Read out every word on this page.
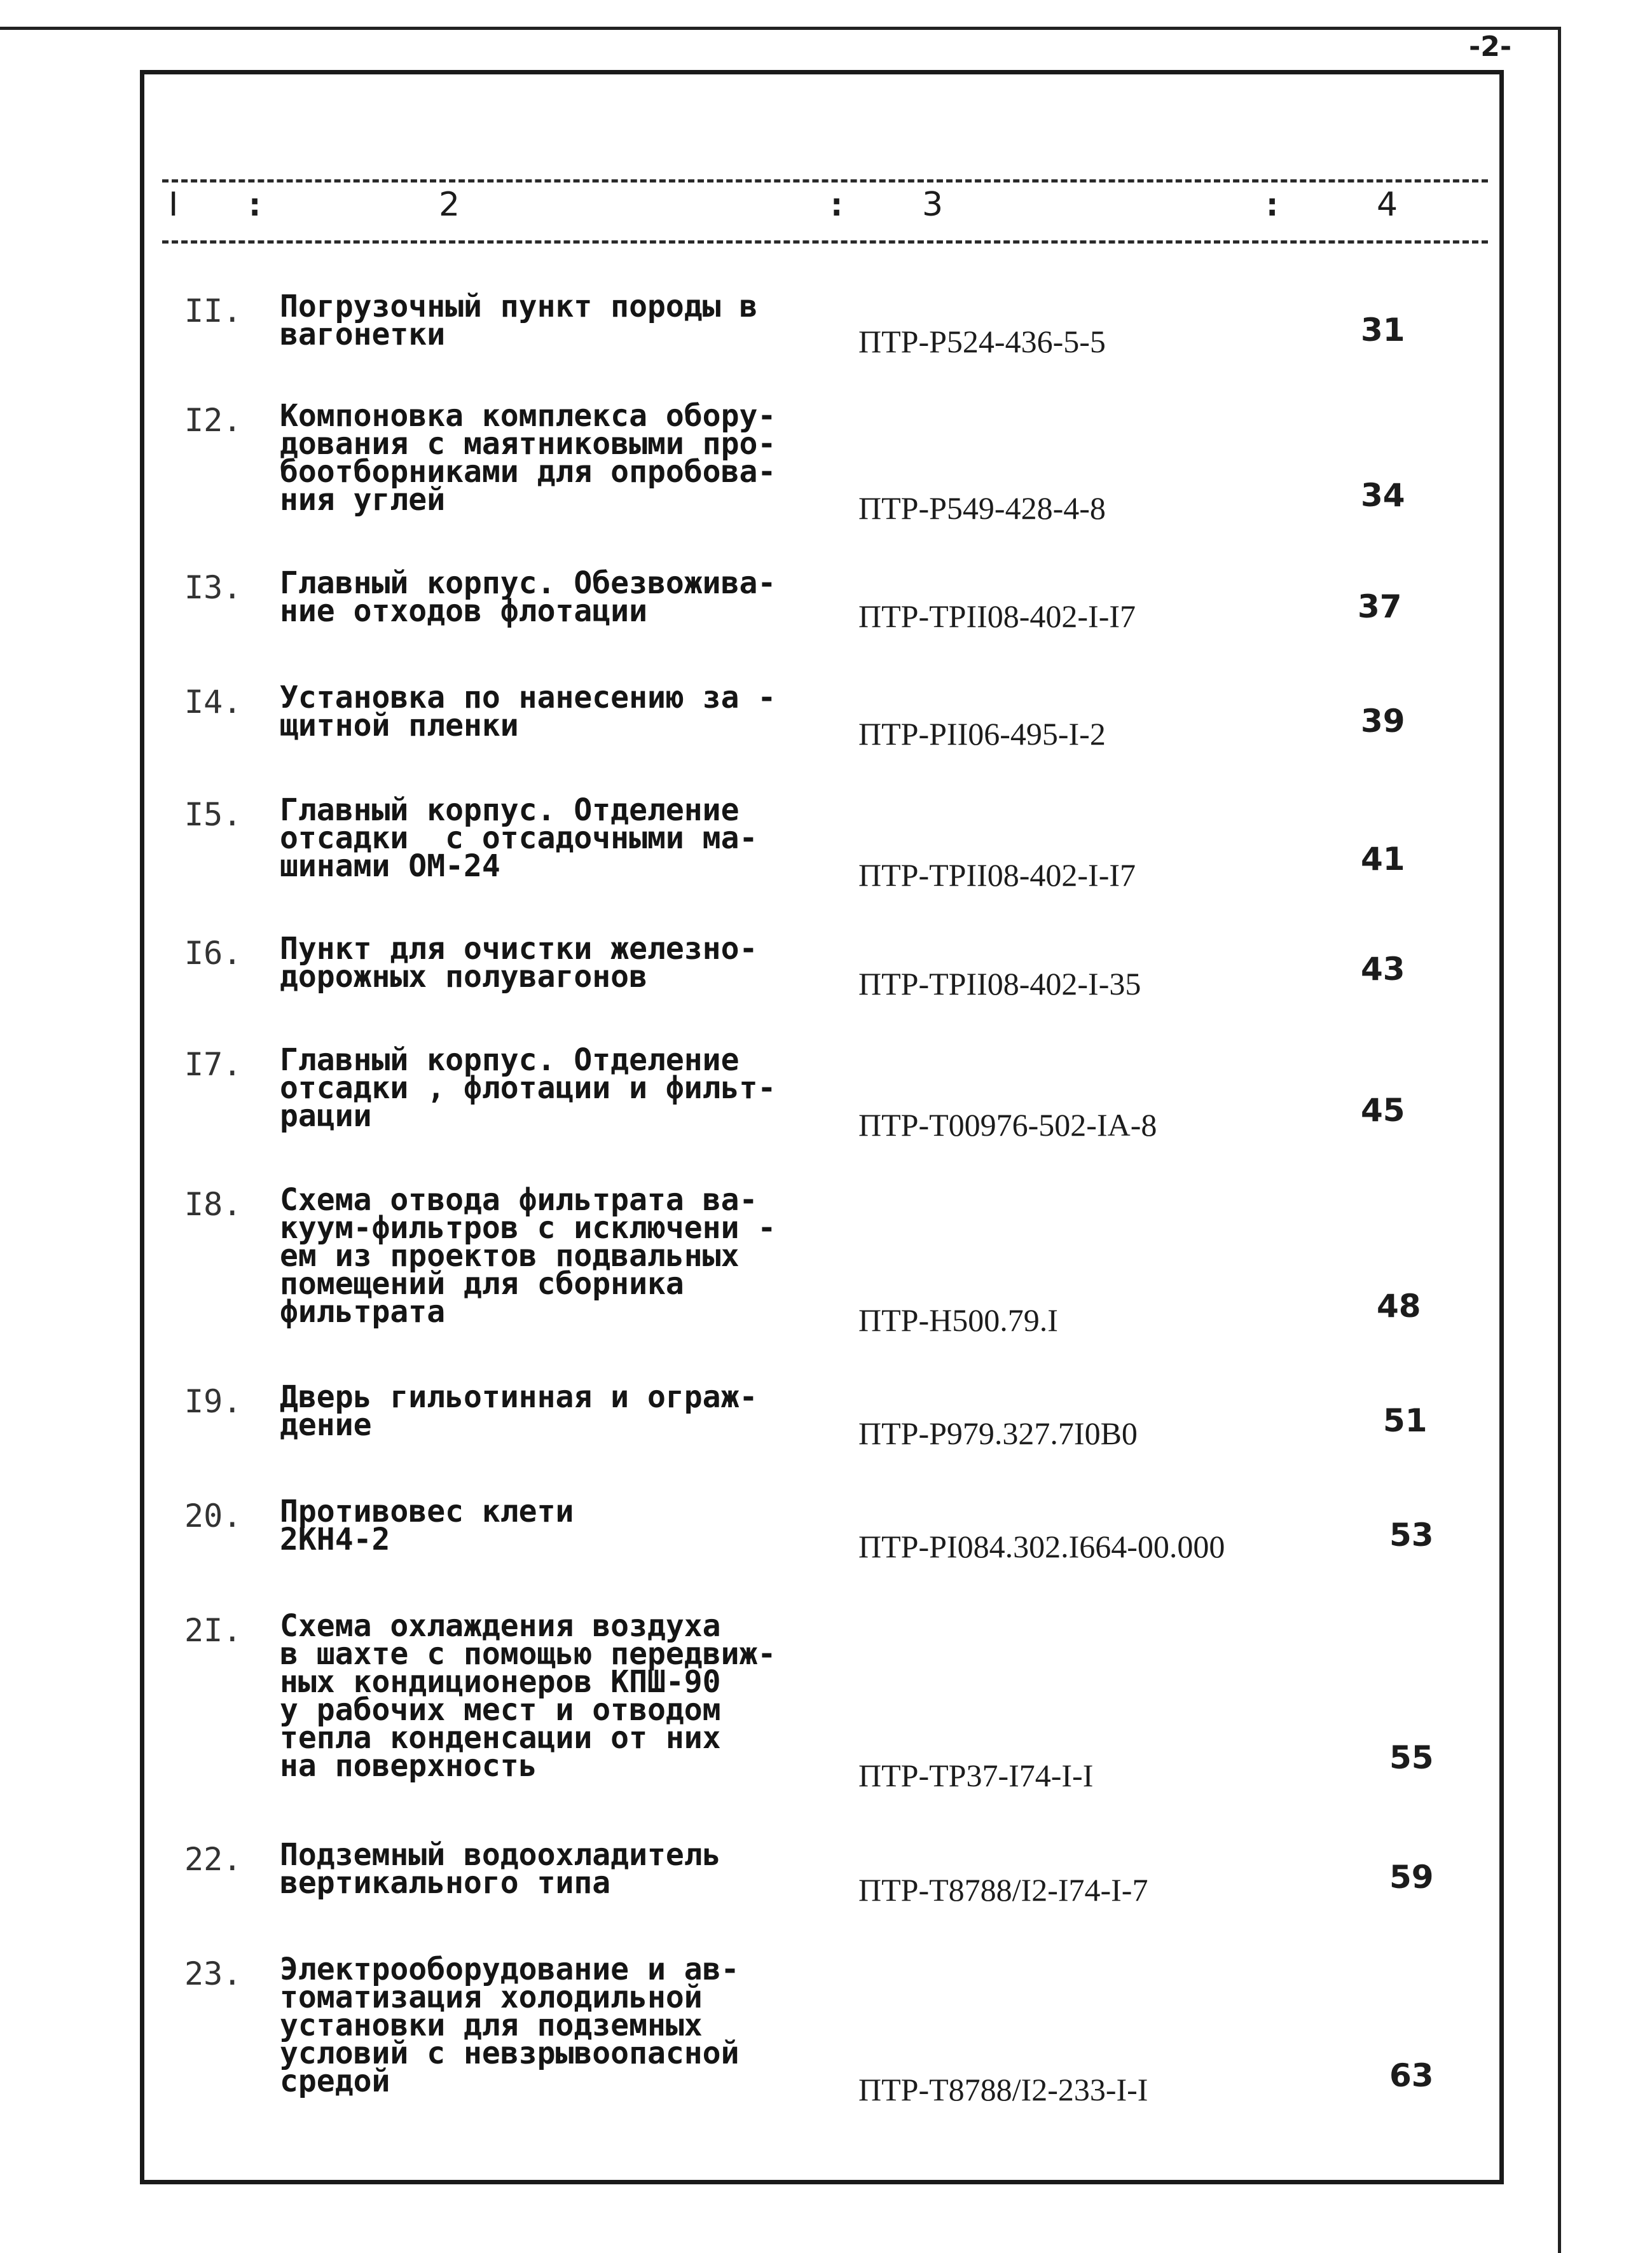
-2-
I :	2	: 3	:	4
II. Погрузочный пункт породы в
вагонетки	ПТР-Р524-436-5-5	31
I2. Компоновка комплекса обору-
дования с маятниковыми про-
боотборниками для опробова-
ния углей	ПТР-Р549-428-4-8	34
I3. Главный корпус. Обезвожива-
ние отходов флотации	ПТР-ТРII08-402-I-I7	37
I4. Установка по нанесению за -
щитной пленки	ПТР-РII06-495-I-2	39
I5. Главный корпус. Отделение
отсадки  с отсадочными ма-
шинами ОМ-24	ПТР-ТРII08-402-I-I7	41
I6. Пункт для очистки железно-
дорожных полувагонов	ПТР-ТРII08-402-I-35	43
I7. Главный корпус. Отделение
отсадки , флотации и фильт-
рации	ПТР-Т00976-502-IA-8	45
I8. Схема отвода фильтрата ва-
куум-фильтров с исключени -
ем из проектов подвальных
помещений для сборника
фильтрата	ПТР-Н500.79.I	48
I9. Дверь гильотинная и ограж-
дение	ПТР-Р979.327.7I0В0	51
20. Противовес клети
2КН4-2	ПТР-РI084.302.I664-00.000	53
2I. Схема охлаждения воздуха
в шахте с помощью передвиж-
ных кондиционеров КПШ-90
у рабочих мест и отводом
тепла конденсации от них
на поверхность	ПТР-ТР37-I74-I-I	55
22. Подземный водоохладитель
вертикального типа	ПТР-Т8788/I2-I74-I-7	59
23. Электрооборудование и ав-
томатизация холодильной
установки для подземных
условий с невзрывоопасной
средой	ПТР-Т8788/I2-233-I-I	63
